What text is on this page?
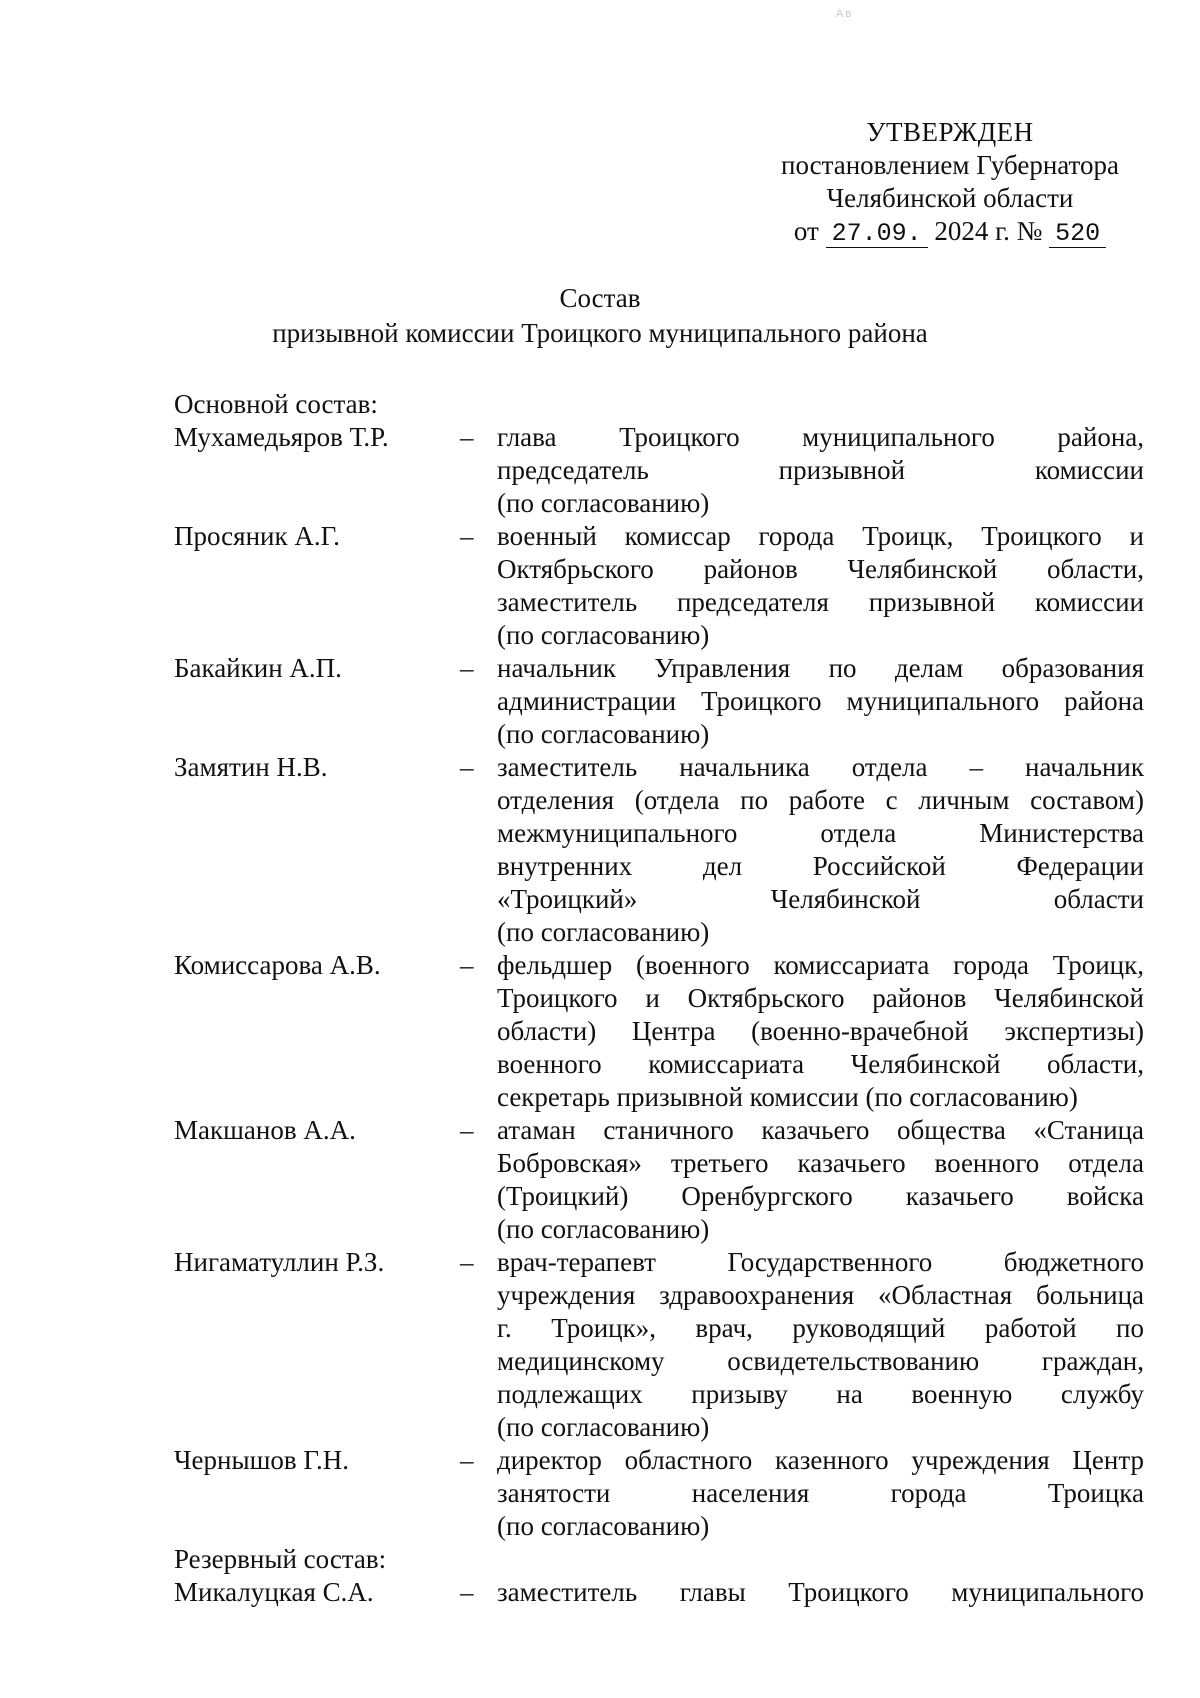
Ав
УТВЕРЖДЕН
постановлением Губернатора
Челябинской области
от 27.09. 2024 г. № 520
Состав
призывной комиссии Троицкого муниципального района
Основной состав:
Мухамедьяров Т.Р.	– глава Троицкого муниципального района,
председатель призывной комиссии
(по согласованию)
Просяник А.Г.	– военный комиссар города Троицк, Троицкого и
Октябрьского районов Челябинской области,
заместитель председателя призывной комиссии
(по согласованию)
Бакайкин А.П.	– начальник Управления по делам образования
администрации Троицкого муниципального района
(по согласованию)
Замятин Н.В.	– заместитель начальника отдела – начальник
отделения (отдела по работе с личным составом)
межмуниципального отдела Министерства
внутренних дел Российской Федерации
«Троицкий» Челябинской области
(по согласованию)
Комиссарова А.В.	– фельдшер (военного комиссариата города Троицк,
Троицкого и Октябрьского районов Челябинской
области) Центра (военно-врачебной экспертизы)
военного комиссариата Челябинской области,
секретарь призывной комиссии (по согласованию)
Макшанов А.А.	– атаман станичного казачьего общества «Станица
Бобровская» третьего казачьего военного отдела
(Троицкий) Оренбургского казачьего войска
(по согласованию)
Нигаматуллин Р.З.	– врач-терапевт Государственного бюджетного
учреждения здравоохранения «Областная больница
г. Троицк», врач, руководящий работой по
медицинскому освидетельствованию граждан,
подлежащих призыву на военную службу
(по согласованию)
Чернышов Г.Н.	– директор областного казенного учреждения Центр
занятости населения города Троицка
(по согласованию)
Резервный состав:
Микалуцкая С.А.	– заместитель главы Троицкого муниципального
